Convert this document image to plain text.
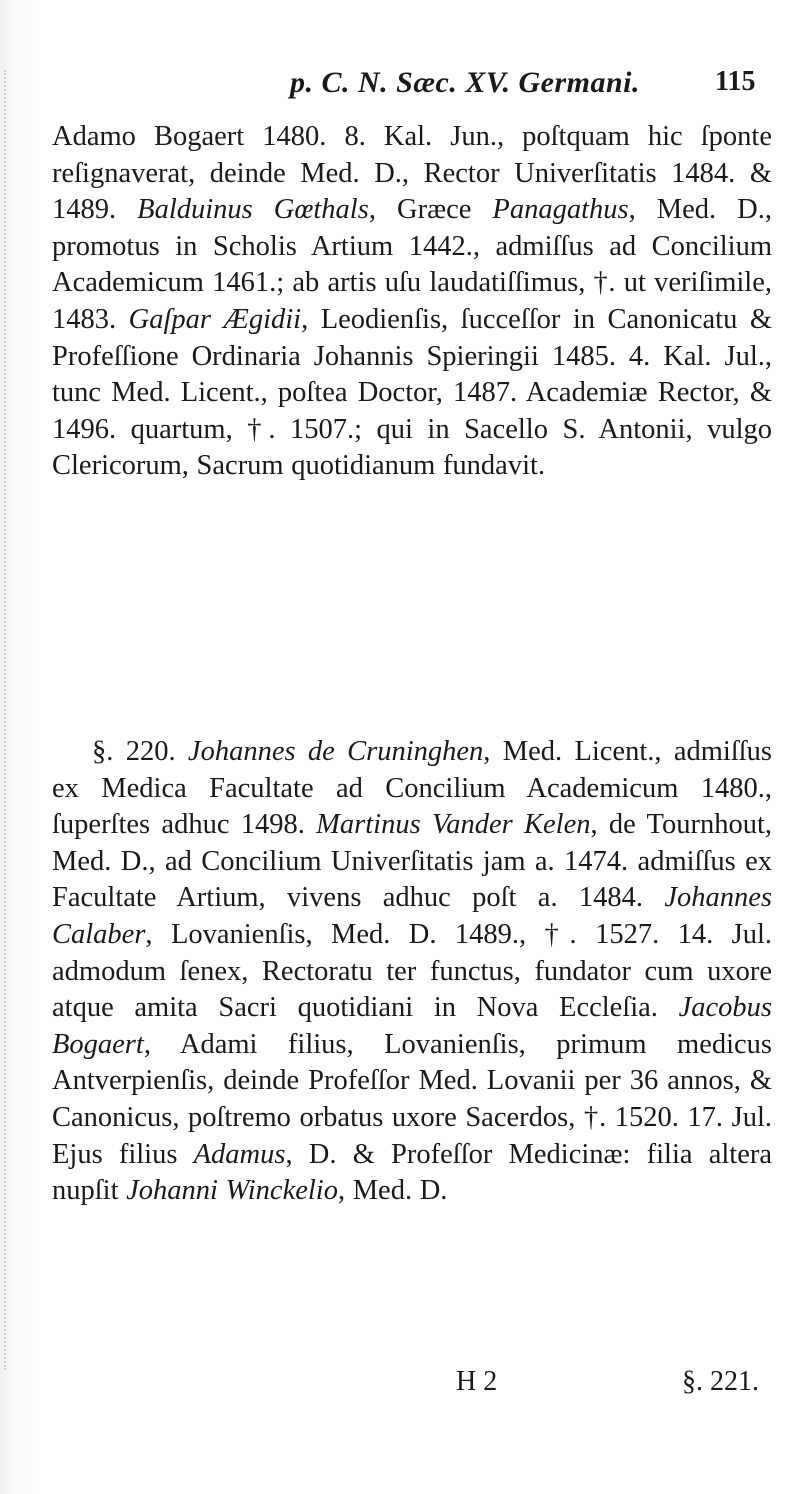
p. C. N. Sæc. XV. Germani.	115
Adamo Bogaert 1480. 8. Kal. Jun., poſtquam hic ſponte reſignaverat, deinde Med. D., Rector Univerſitatis 1484. & 1489. Balduinus Gœthals, Græce Panagathus, Med. D., promotus in Scholis Artium 1442., admiſſus ad Concilium Academicum 1461.; ab artis uſu laudatiſſimus, †. ut veriſimile, 1483. Gaſpar Ægidii, Leodienſis, ſucceſſor in Canonicatu & Profeſſione Ordinaria Johannis Spieringii 1485. 4. Kal. Jul., tunc Med. Licent., poſtea Doctor, 1487. Academiæ Rector, & 1496. quartum, †. 1507.; qui in Sacello S. Antonii, vulgo Clericorum, Sacrum quotidianum fundavit.
§. 220. Johannes de Cruninghen, Med. Licent., admiſſus ex Medica Facultate ad Concilium Academicum 1480., ſuperſtes adhuc 1498. Martinus Vander Kelen, de Tournhout, Med. D., ad Concilium Univerſitatis jam a. 1474. admiſſus ex Facultate Artium, vivens adhuc poſt a. 1484. Johannes Calaber, Lovanienſis, Med. D. 1489., †. 1527. 14. Jul. admodum ſenex, Rectoratu ter functus, fundator cum uxore atque amita Sacri quotidiani in Nova Eccleſia. Jacobus Bogaert, Adami filius, Lovanienſis, primum medicus Antverpienſis, deinde Profeſſor Med. Lovanii per 36 annos, & Canonicus, poſtremo orbatus uxore Sacerdos, †. 1520. 17. Jul. Ejus filius Adamus, D. & Profeſſor Medicinæ: filia altera nupſit Johanni Winckelio, Med. D.
H 2	§. 221.
